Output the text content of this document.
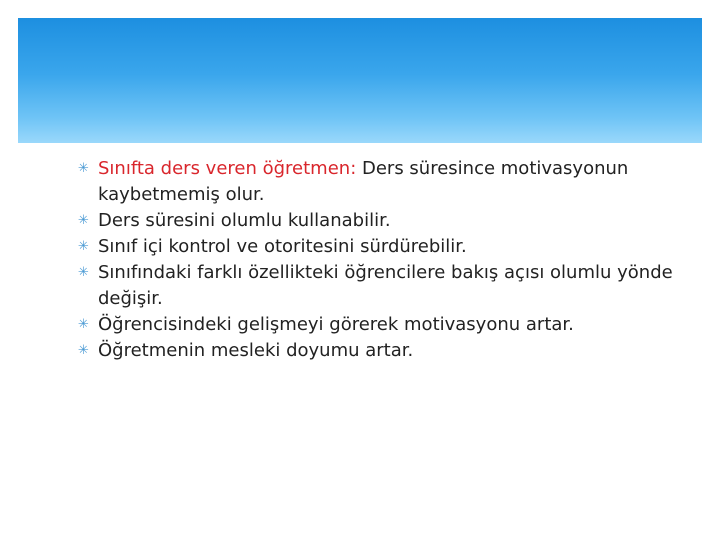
✳ Sınıfta ders veren öğretmen: Ders süresince motivasyonun kaybetmemiş olur.
✳ Ders süresini olumlu kullanabilir.
✳ Sınıf içi kontrol ve otoritesini sürdürebilir.
✳ Sınıfındaki farklı özellikteki öğrencilere bakış açısı olumlu yönde değişir.
✳ Öğrencisindeki gelişmeyi görerek motivasyonu artar.
✳ Öğretmenin mesleki doyumu artar.
